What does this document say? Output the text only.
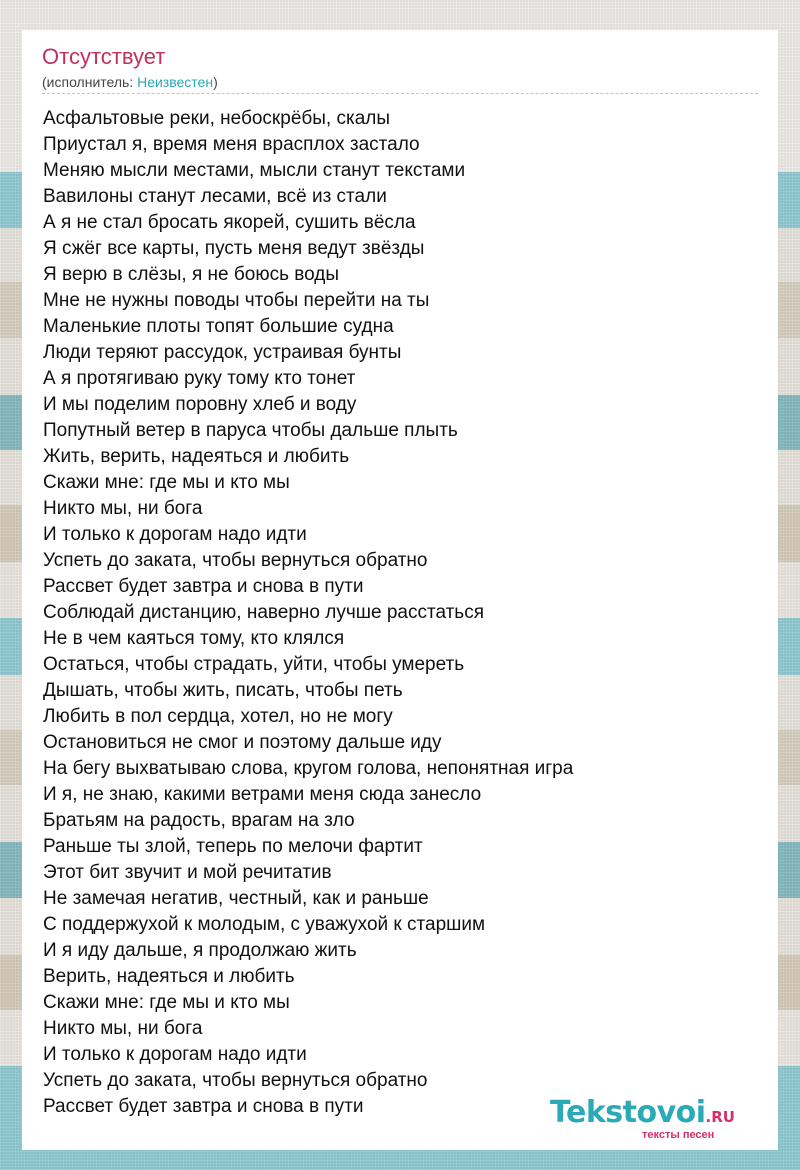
Отсутствует
(исполнитель: Неизвестен)
Асфальтовые реки, небоскрёбы, скалы
Приустал я, время меня врасплох застало
Меняю мысли местами, мысли станут текстами
Вавилоны станут лесами, всё из стали
А я не стал бросать якорей, сушить вёсла
Я сжёг все карты, пусть меня ведут звёзды
Я верю в слёзы, я не боюсь воды
Мне не нужны поводы чтобы перейти на ты
Маленькие плоты топят большие судна
Люди теряют рассудок, устраивая бунты
А я протягиваю руку тому кто тонет
И мы поделим поровну хлеб и воду
Попутный ветер в паруса чтобы дальше плыть
Жить, верить, надеяться и любить
Скажи мне: где мы и кто мы
Никто мы, ни бога
И только к дорогам надо идти
Успеть до заката, чтобы вернуться обратно
Рассвет будет завтра и снова в пути
Соблюдай дистанцию, наверно лучше расстаться
Не в чем каяться тому, кто клялся
Остаться, чтобы страдать, уйти, чтобы умереть
Дышать, чтобы жить, писать, чтобы петь
Любить в пол сердца, хотел, но не могу
Остановиться не смог и поэтому дальше иду
На бегу выхватываю слова, кругом голова, непонятная игра
И я, не знаю, какими ветрами меня сюда занесло
Братьям на радость, врагам на зло
Раньше ты злой, теперь по мелочи фартит
Этот бит звучит и мой речитатив
Не замечая негатив, честный, как и раньше
С поддержухой к молодым, с уважухой к старшим
И я иду дальше, я продолжаю жить
Верить, надеяться и любить
Скажи мне: где мы и кто мы
Никто мы, ни бога
И только к дорогам надо идти
Успеть до заката, чтобы вернуться обратно
Рассвет будет завтра и снова в пути	Tekstovoi.RU
тексты песен
